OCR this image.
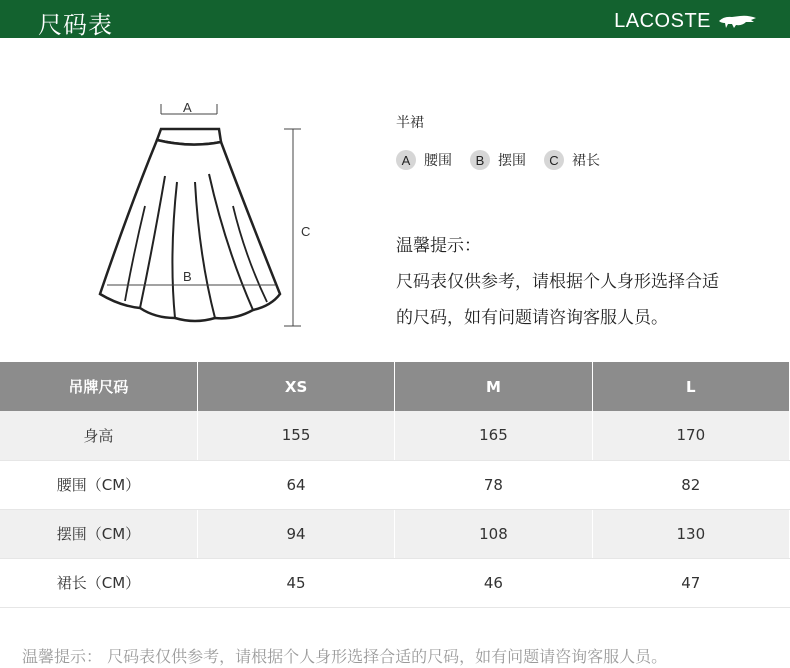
尺码表	LACOSTE
A
B
C
半裙
A 腰围	B 摆围	C 裙长
温馨提示：
尺码表仅供参考，请根据个人身形选择合适
的尺码，如有问题请咨询客服人员。
吊牌尺码	XS	M	L
身高	155	165	170
腰围（CM）	64	78	82
摆围（CM）	94	108	130
裙长（CM）	45	46	47
温馨提示： 尺码表仅供参考，请根据个人身形选择合适的尺码，如有问题请咨询客服人员。
